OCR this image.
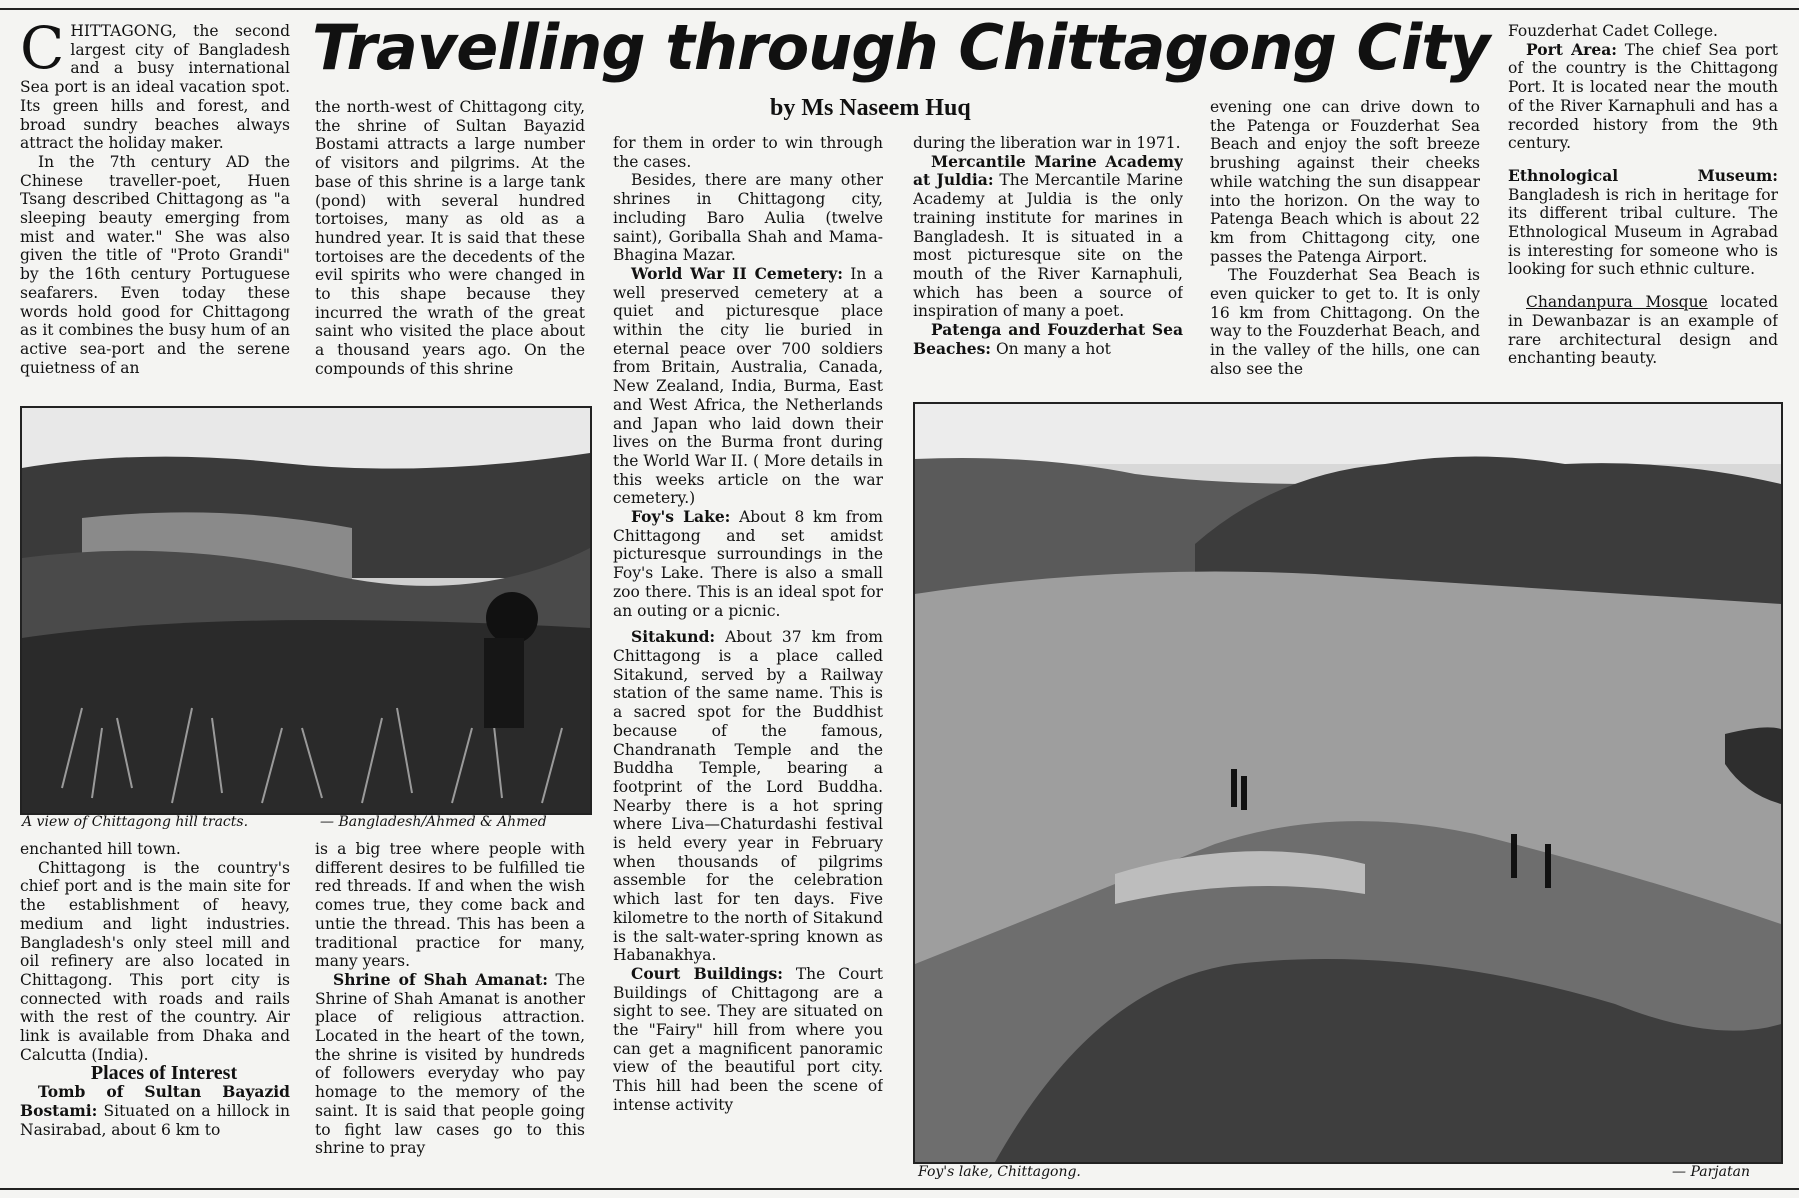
Travelling through Chittagong City
by Ms Naseem Huq

CHITTAGONG, the second largest city of Bangladesh and a busy international Sea port is an ideal vacation spot. Its green hills and forest, and broad sundry beaches always attract the holiday maker.

In the 7th century AD the Chinese traveller-poet, Huen Tsang described Chittagong as "a sleeping beauty emerging from mist and water." She was also given the title of "Proto Grandi" by the 16th century Portuguese seafarers. Even today these words hold good for Chittagong as it combines the busy hum of an active sea-port and the serene quietness of an

the north-west of Chittagong city, the shrine of Sultan Bayazid Bostami attracts a large number of visitors and pilgrims. At the base of this shrine is a large tank (pond) with several hundred tortoises, many as old as a hundred year. It is said that these tortoises are the decedents of the evil spirits who were changed in to this shape because they incurred the wrath of the great saint who visited the place about a thousand years ago. On the compounds of this shrine

A view of Chittagong hill tracts.	— Bangladesh/Ahmed & Ahmed

enchanted hill town.

Chittagong is the country's chief port and is the main site for the establishment of heavy, medium and light industries. Bangladesh's only steel mill and oil refinery are also located in Chittagong. This port city is connected with roads and rails with the rest of the country. Air link is available from Dhaka and Calcutta (India).

Places of Interest

Tomb of Sultan Bayazid Bostami: Situated on a hillock in Nasirabad, about 6 km to

is a big tree where people with different desires to be fulfilled tie red threads. If and when the wish comes true, they come back and untie the thread. This has been a traditional practice for many, many years.

Shrine of Shah Amanat: The Shrine of Shah Amanat is another place of religious attraction. Located in the heart of the town, the shrine is visited by hundreds of followers everyday who pay homage to the memory of the saint. It is said that people going to fight law cases go to this shrine to pray

for them in order to win through the cases.

Besides, there are many other shrines in Chittagong city, including Baro Aulia (twelve saint), Goriballa Shah and Mama-Bhagina Mazar.

World War II Cemetery: In a well preserved cemetery at a quiet and picturesque place within the city lie buried in eternal peace over 700 soldiers from Britain, Australia, Canada, New Zealand, India, Burma, East and West Africa, the Netherlands and Japan who laid down their lives on the Burma front during the World War II. ( More details in this weeks article on the war cemetery.)

Foy's Lake: About 8 km from Chittagong and set amidst picturesque surroundings in the Foy's Lake. There is also a small zoo there. This is an ideal spot for an outing or a picnic.

Sitakund: About 37 km from Chittagong is a place called Sitakund, served by a Railway station of the same name. This is a sacred spot for the Buddhist because of the famous, Chandranath Temple and the Buddha Temple, bearing a footprint of the Lord Buddha. Nearby there is a hot spring where Liva—Chaturdashi festival is held every year in February when thousands of pilgrims assemble for the celebration which last for ten days. Five kilometre to the north of Sitakund is the salt-water-spring known as Habanakhya.

Court Buildings: The Court Buildings of Chittagong are a sight to see. They are situated on the "Fairy" hill from where you can get a magnificent panoramic view of the beautiful port city. This hill had been the scene of intense activity

during the liberation war in 1971.

Mercantile Marine Academy at Juldia: The Mercantile Marine Academy at Juldia is the only training institute for marines in Bangladesh. It is situated in a most picturesque site on the mouth of the River Karnaphuli, which has been a source of inspiration of many a poet.

Patenga and Fouzderhat Sea Beaches: On many a hot

evening one can drive down to the Patenga or Fouzderhat Sea Beach and enjoy the soft breeze brushing against their cheeks while watching the sun disappear into the horizon. On the way to Patenga Beach which is about 22 km from Chittagong city, one passes the Patenga Airport.

The Fouzderhat Sea Beach is even quicker to get to. It is only 16 km from Chittagong. On the way to the Fouzderhat Beach, and in the valley of the hills, one can also see the

Fouzderhat Cadet College.

Port Area: The chief Sea port of the country is the Chittagong Port. It is located near the mouth of the River Karnaphuli and has a recorded history from the 9th century.

Ethnological Museum: Bangladesh is rich in heritage for its different tribal culture. The Ethnological Museum in Agrabad is interesting for someone who is looking for such ethnic culture.

Chandanpura Mosque located in Dewanbazar is an example of rare architectural design and enchanting beauty.

Foy's lake, Chittagong.	— Parjatan
